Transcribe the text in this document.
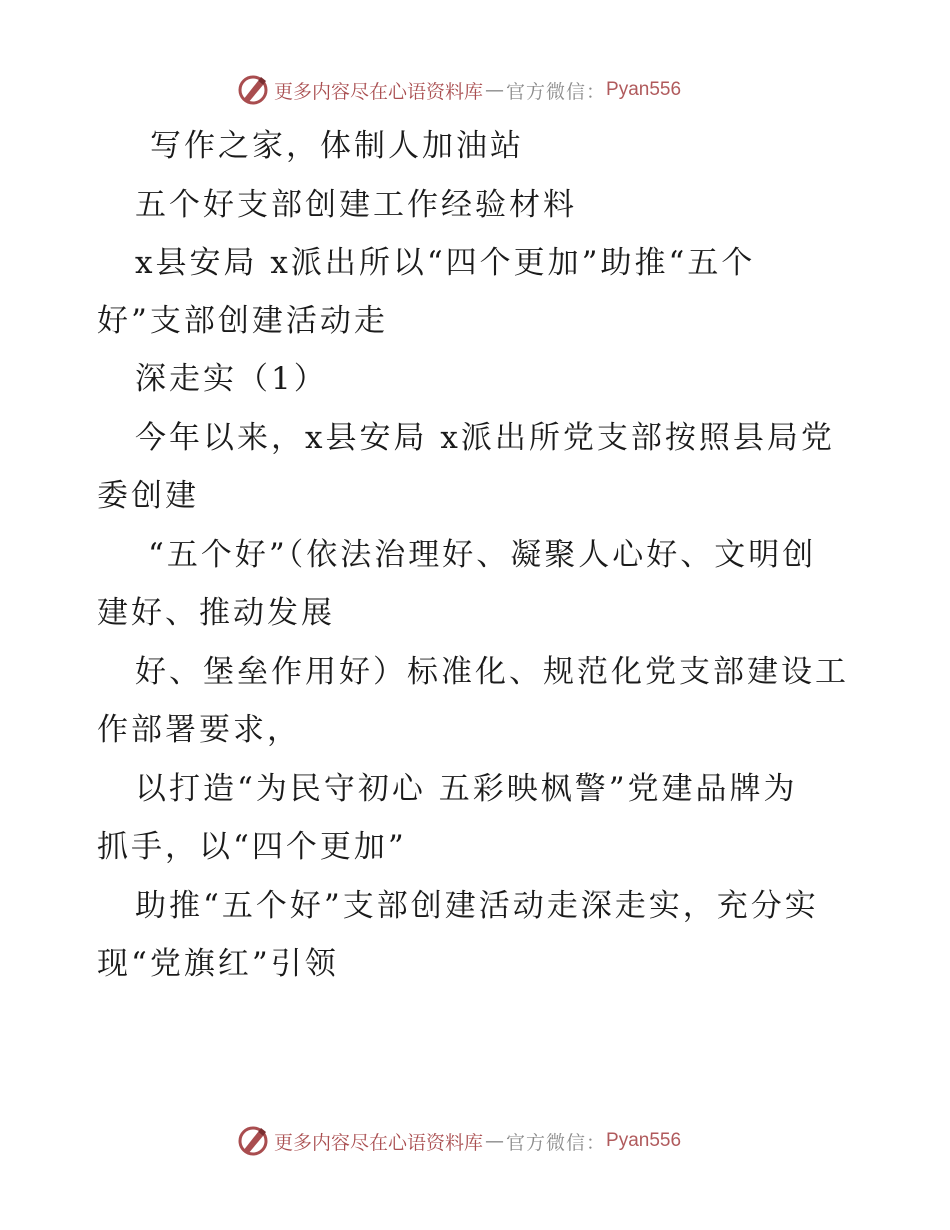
更多内容尽在心语资料库 — 官方微信： Pyan556
写作之家，体制人加油站
五个好支部创建工作经验材料
x县安局 x派出所以“四个更加”助推“五个
好”支部创建活动走
深走实（1）
今年以来，x县安局 x派出所党支部按照县局党
委创建
“五个好”（依法治理好、凝聚人心好、文明创
建好、推动发展
好、堡垒作用好）标准化、规范化党支部建设工
作部署要求，
以打造“为民守初心 五彩映枫警”党建品牌为
抓手，以“四个更加”
助推“五个好”支部创建活动走深走实，充分实
现“党旗红”引领
更多内容尽在心语资料库 — 官方微信： Pyan556
